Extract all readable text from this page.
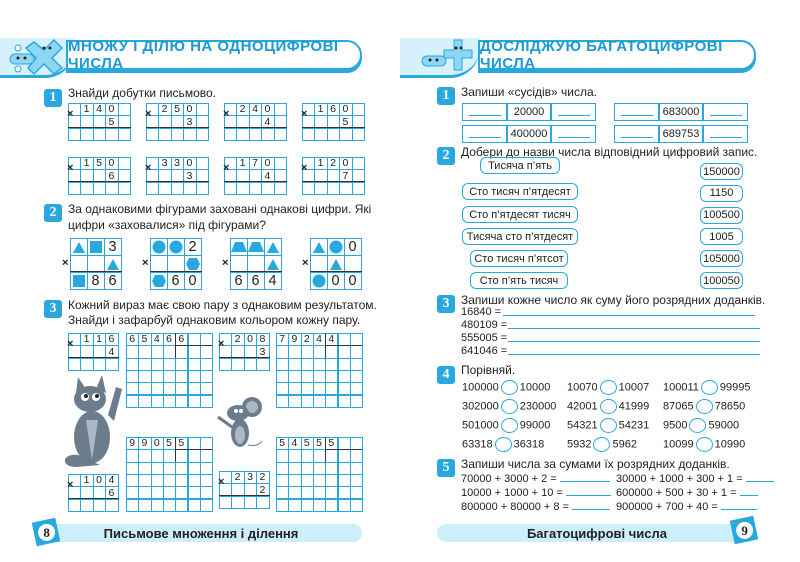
МНОЖУ І ДІЛЮ НА ОДНОЦИФРОВІ ЧИСЛА
1 Знайди добутки письмово.
1 4 0
5
×	2 5 0
3
×	2 4 0
4
×	1 6 0
5
×
1 5 0
6
×	3 3 0
3
×	1 7 0
4
×	1 2 0
7
×
2 За однаковими фігурами заховані однакові цифри. Які
цифри «заховалися» під фігурами?
3
8 6
×
2
6 0
×
6 6 4
×
0
0 0
×
3 Кожний вираз має свою пару з однаковим результатом.
Знайди і зафарбуй однаковим кольором кожну пару.
1 1 6
4
×	2 0 8
3
×
1 0 4
6
×
2 3 2
2
×
6 5 4 6 6	7 9 2 4 4
9 9 0 5 5	5 4 5 5 5
Письмове множення і ділення
8
ДОСЛІДЖУЮ БАГАТОЦИФРОВІ ЧИСЛА
1 Запиши «сусідів» числа.
20000	683000
400000	689753
2 Добери до назви числа відповідний цифровий запис.
Тисяча п’ять	150000
Сто тисяч п’ятдесят	1150
Сто п’ятдесят тисяч	100500
Тисяча сто п’ятдесят	1005
Сто тисяч п’ятсот	105000
Сто п’ять тисяч	100050
3 Запиши кожне число як суму його розрядних доданків.
16840 =
480109 =
555005 =
641046 =
4 Порівняй.
100000 10000 10070 10007 100011 99995
302000 230000 42001 41999 87065 78650
501000 99000 54321 54231 9500 59000
63318 36318 5932 5962 10099 10990
5 Запиши числа за сумами їх розрядних доданків.
70000 + 3000 + 2 =	30000 + 1000 + 300 + 1 =
10000 + 1000 + 10 =	600000 + 500 + 30 + 1 =
800000 + 80000 + 8 =	900000 + 700 + 40 =
Багатоцифрові числа	9
